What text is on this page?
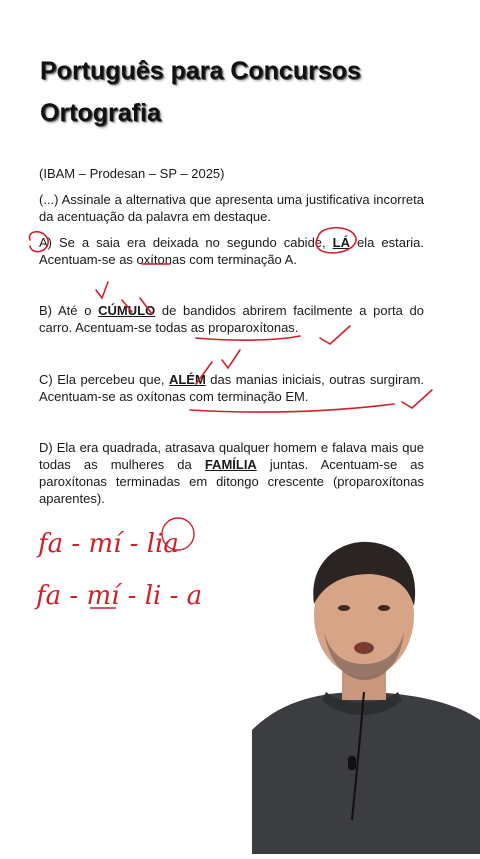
Português para Concursos
Ortografia

(IBAM – Prodesan – SP – 2025)

(...) Assinale a alternativa que apresenta uma justificativa incorreta da acentuação da palavra em destaque.

A) Se a saia era deixada no segundo cabide, LÁ ela estaria. Acentuam-se as oxítonas com terminação A.

B) Até o CÚMULO de bandidos abrirem facilmente a porta do carro. Acentuam-se todas as proparoxítonas.

C) Ela percebeu que, ALÉM das manias iniciais, outras surgiram. Acentuam-se as oxítonas com terminação EM.

D) Ela era quadrada, atrasava qualquer homem e falava mais que todas as mulheres da FAMÍLIA juntas. Acentuam-se as paroxítonas terminadas em ditongo crescente (proparoxítonas aparentes).

fa - mí - lia
fa - mí - li - a
